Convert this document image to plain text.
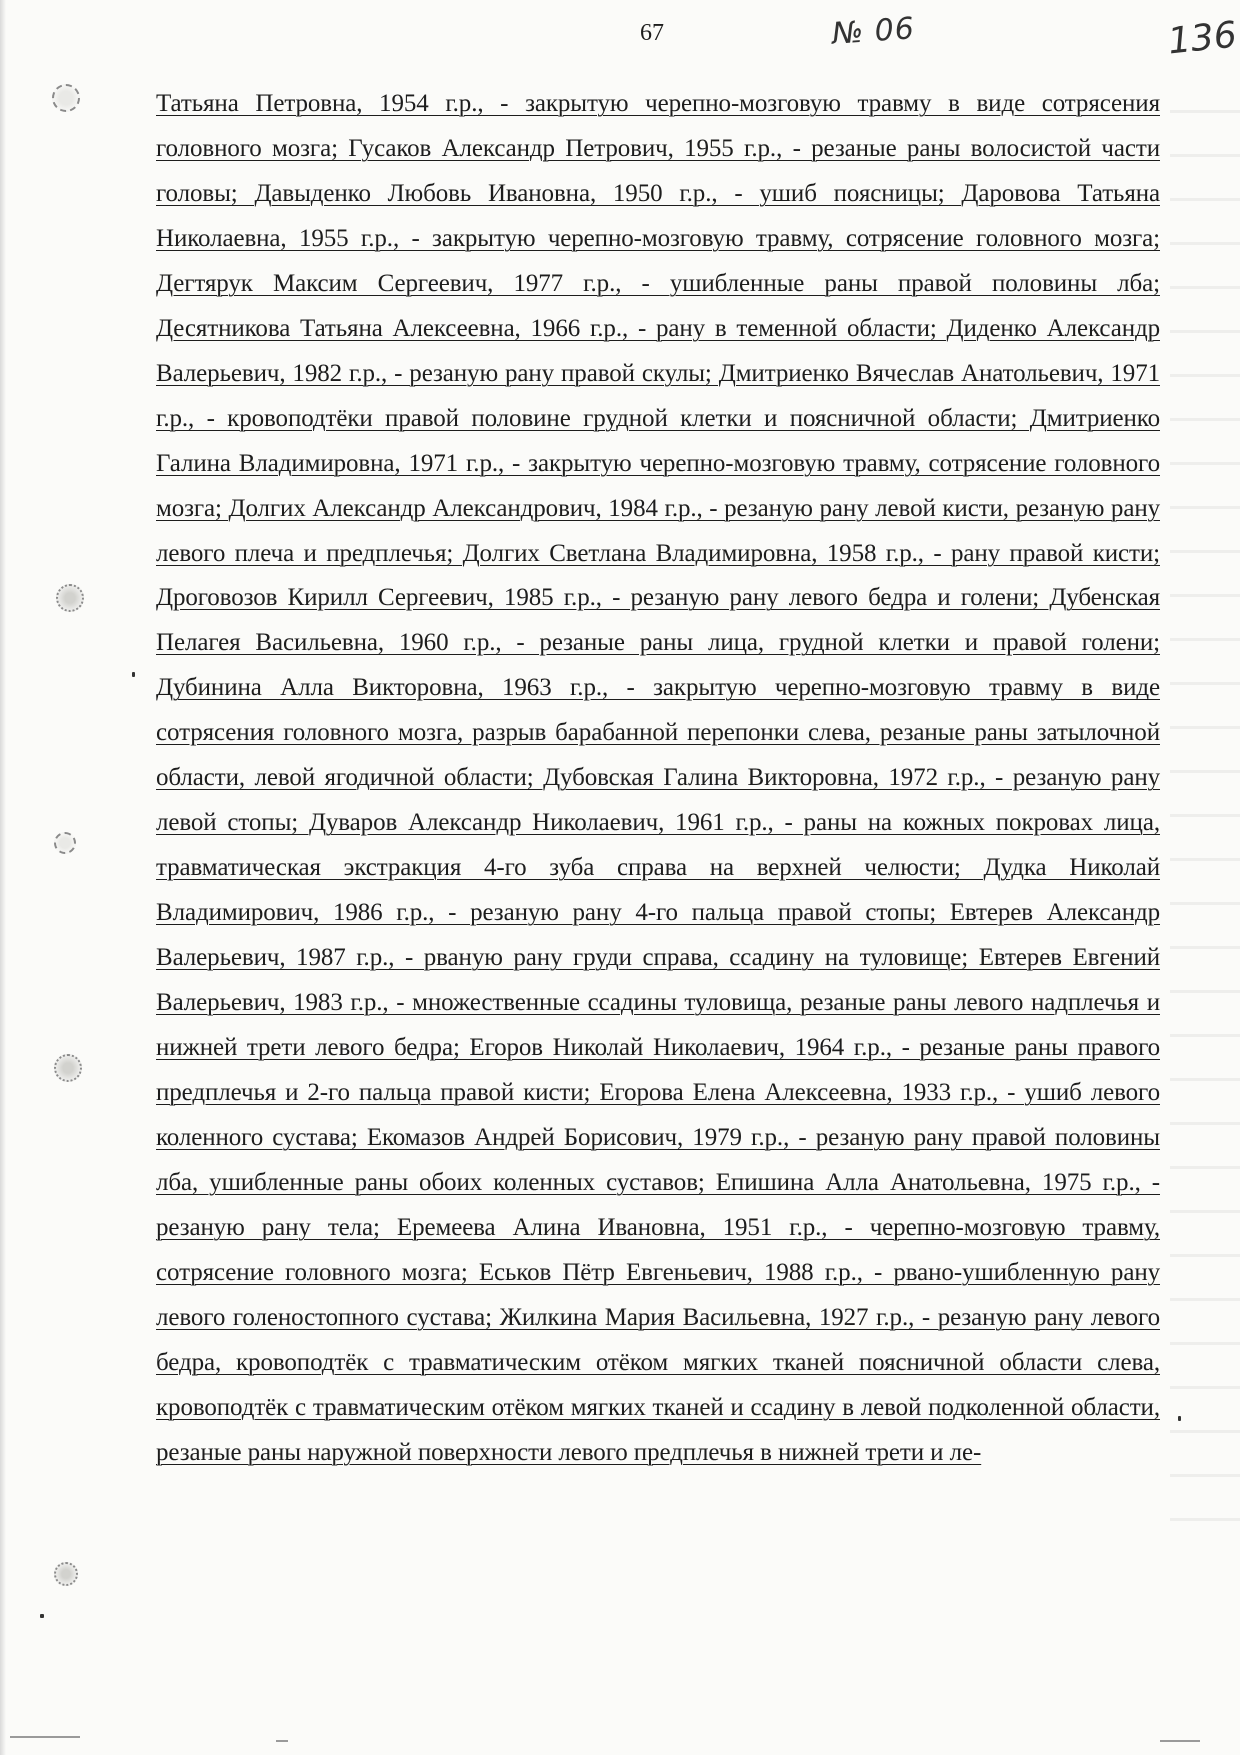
67	№ 06	136
Татьяна Петровна, 1954 г.р., - закрытую черепно-мозговую травму в виде сотрясения головного мозга; Гусаков Александр Петрович, 1955 г.р., - резаные раны волосистой части головы; Давыденко Любовь Ивановна, 1950 г.р., - ушиб поясницы; Даровова Татьяна Николаевна, 1955 г.р., - закрытую черепно-мозговую травму, сотрясение головного мозга; Дегтярук Максим Сергеевич, 1977 г.р., - ушибленные раны правой половины лба; Десятникова Татьяна Алексеевна, 1966 г.р., - рану в теменной области; Диденко Александр Валерьевич, 1982 г.р., - резаную рану правой скулы; Дмитриенко Вячеслав Анатольевич, 1971 г.р., - кровоподтёки правой половине грудной клетки и поясничной области; Дмитриенко Галина Владимировна, 1971 г.р., - закрытую черепно-мозговую травму, сотрясение головного мозга; Долгих Александр Александрович, 1984 г.р., - резаную рану левой кисти, резаную рану левого плеча и предплечья; Долгих Светлана Владимировна, 1958 г.р., - рану правой кисти; Дроговозов Кирилл Сергеевич, 1985 г.р., - резаную рану левого бедра и голени; Дубенская Пелагея Васильевна, 1960 г.р., - резаные раны лица, грудной клетки и правой голени; Дубинина Алла Викторовна, 1963 г.р., - закрытую черепно-мозговую травму в виде сотрясения головного мозга, разрыв барабанной перепонки слева, резаные раны затылочной области, левой ягодичной области; Дубовская Галина Викторовна, 1972 г.р., - резаную рану левой стопы; Дуваров Александр Николаевич, 1961 г.р., - раны на кожных покровах лица, травматическая экстракция 4-го зуба справа на верхней челюсти; Дудка Николай Владимирович, 1986 г.р., - резаную рану 4-го пальца правой стопы; Евтерев Александр Валерьевич, 1987 г.р., - рваную рану груди справа, ссадину на туловище; Евтерев Евгений Валерьевич, 1983 г.р., - множественные ссадины туловища, резаные раны левого надплечья и нижней трети левого бедра; Егоров Николай Николаевич, 1964 г.р., - резаные раны правого предплечья и 2-го пальца правой кисти; Егорова Елена Алексеевна, 1933 г.р., - ушиб левого коленного сустава; Екомазов Андрей Борисович, 1979 г.р., - резаную рану правой половины лба, ушибленные раны обоих коленных суставов; Епишина Алла Анатольевна, 1975 г.р., - резаную рану тела; Еремеева Алина Ивановна, 1951 г.р., - черепно-мозговую травму, сотрясение головного мозга; Еськов Пётр Евгеньевич, 1988 г.р., - рвано-ушибленную рану левого голеностопного сустава; Жилкина Мария Васильевна, 1927 г.р., - резаную рану левого бедра, кровоподтёк с травматическим отёком мягких тканей поясничной области слева, кровоподтёк с травматическим отёком мягких тканей и ссадину в левой подколенной области, резаные раны наружной поверхности левого предплечья в нижней трети и ле-
